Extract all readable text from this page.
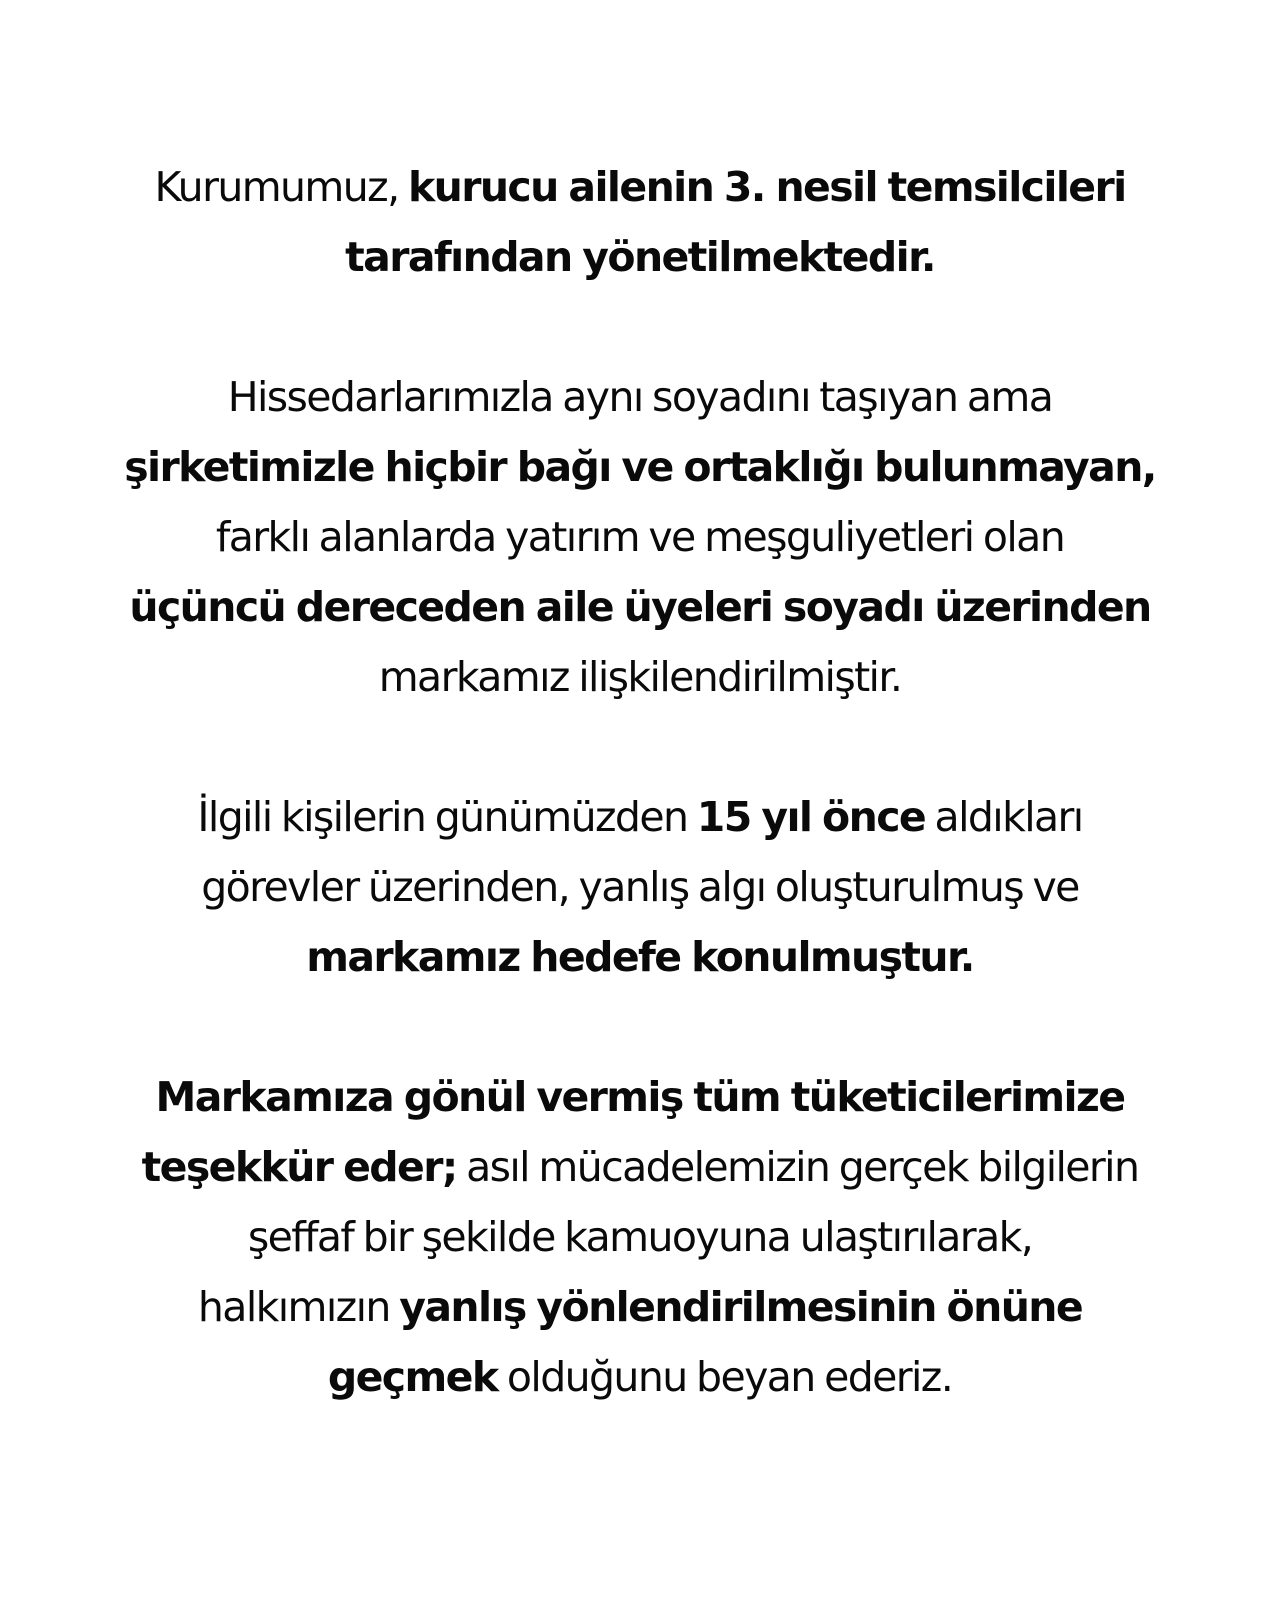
Kurumumuz, kurucu ailenin 3. nesil temsilcileri
tarafından yönetilmektedir.

Hissedarlarımızla aynı soyadını taşıyan ama
şirketimizle hiçbir bağı ve ortaklığı bulunmayan,
farklı alanlarda yatırım ve meşguliyetleri olan
üçüncü dereceden aile üyeleri soyadı üzerinden
markamız ilişkilendirilmiştir.

İlgili kişilerin günümüzden 15 yıl önce aldıkları
görevler üzerinden, yanlış algı oluşturulmuş ve
markamız hedefe konulmuştur.

Markamıza gönül vermiş tüm tüketicilerimize
teşekkür eder; asıl mücadelemizin gerçek bilgilerin
şeffaf bir şekilde kamuoyuna ulaştırılarak,
halkımızın yanlış yönlendirilmesinin önüne
geçmek olduğunu beyan ederiz.
